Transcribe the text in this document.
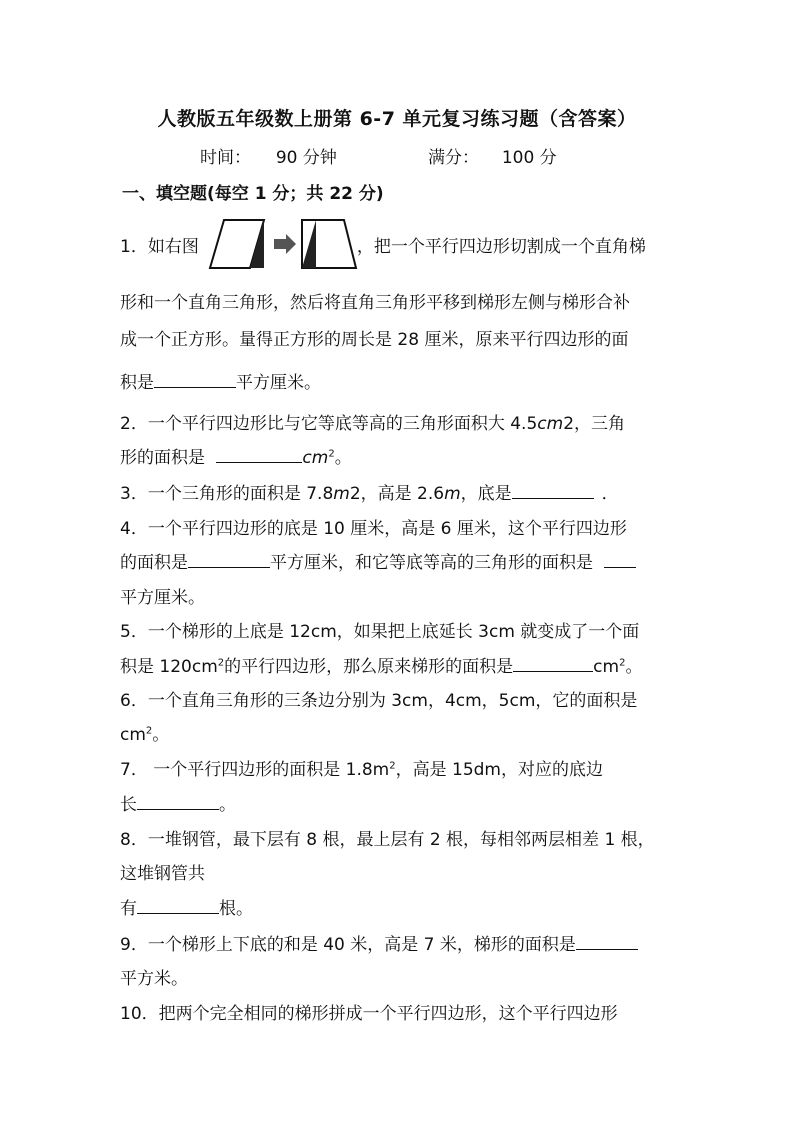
人教版五年级数上册第 6-7 单元复习练习题（含答案）
时间： 90 分钟	满分： 100 分
一、填空题(每空 1 分；共 22 分)
1．如右图	，把一个平行四边形切割成一个直角梯
形和一个直角三角形，然后将直角三角形平移到梯形左侧与梯形合补
成一个正方形。量得正方形的周长是 28 厘米，原来平行四边形的面
积是	平方厘米。
2．一个平行四边形比与它等底等高的三角形面积大 4.5cm2，三角
形的面积是	$cm^2$。
3．一个三角形的面积是 7.8m2，高是 2.6m，底是	．
4．一个平行四边形的底是 10 厘米，高是 6 厘米，这个平行四边形
的面积是	平方厘米，和它等底等高的三角形的面积是
平方厘米。
5．一个梯形的上底是 12cm，如果把上底延长 3cm 就变成了一个面
积是 $120cm^2$的平行四边形，那么原来梯形的面积是	$cm^2$。
6．一个直角三角形的三条边分别为 3cm，4cm，5cm，它的面积是
$cm^2$。
7． 一个平行四边形的面积是 $1.8m^2$，高是 15dm，对应的底边
长	。
8．一堆钢管，最下层有 8 根，最上层有 2 根，每相邻两层相差 1 根，
这堆钢管共
有	根。
9．一个梯形上下底的和是 40 米，高是 7 米，梯形的面积是
平方米。
10．把两个完全相同的梯形拼成一个平行四边形，这个平行四边形
